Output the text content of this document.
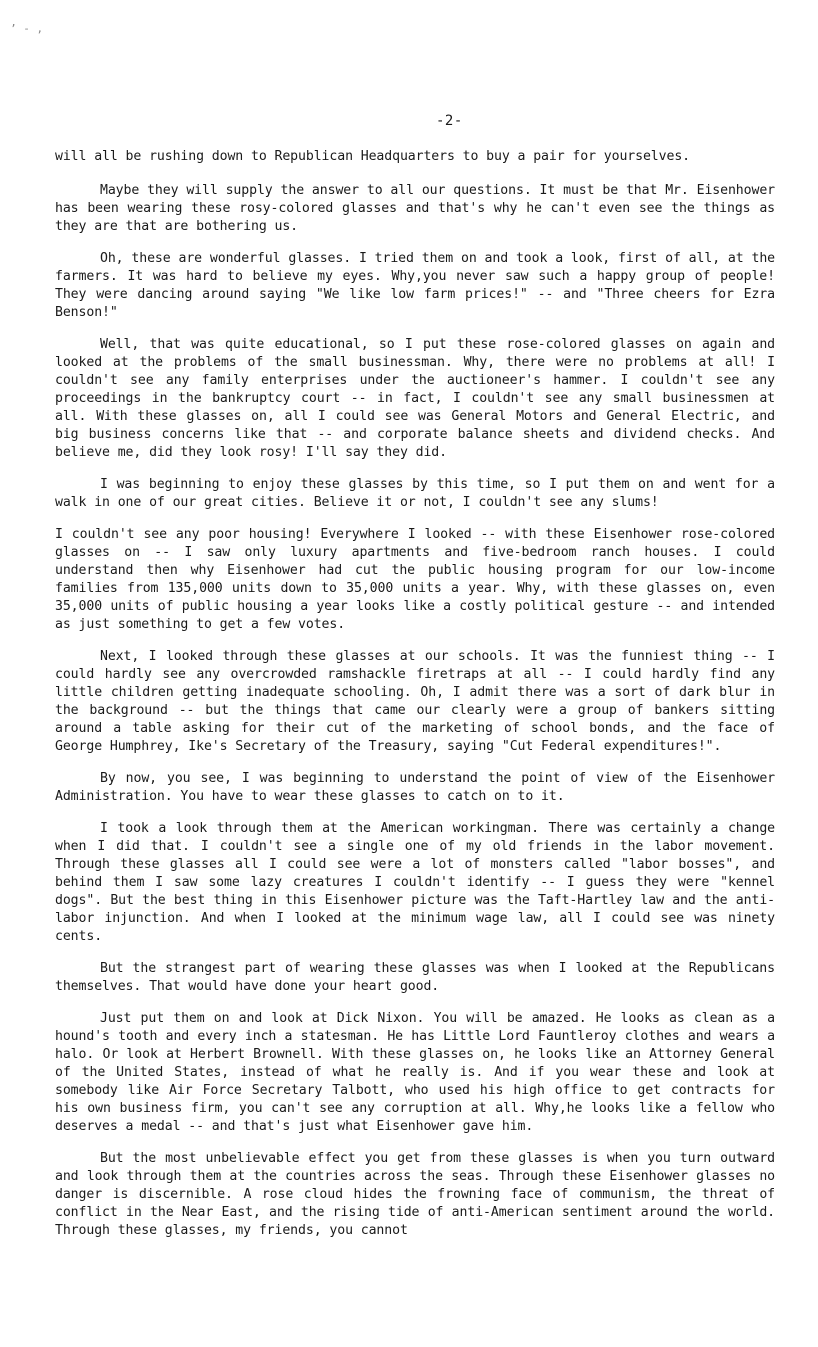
’ - ‚
-2-

will all be rushing down to Republican Headquarters to buy a pair for yourselves.

Maybe they will supply the answer to all our questions. It must be that Mr. Eisenhower has been wearing these rosy-colored glasses and that's why he can't even see the things as they are that are bothering us.

Oh, these are wonderful glasses. I tried them on and took a look, first of all, at the farmers. It was hard to believe my eyes. Why,you never saw such a happy group of people! They were dancing around saying "We like low farm prices!" -- and "Three cheers for Ezra Benson!"

Well, that was quite educational, so I put these rose-colored glasses on again and looked at the problems of the small businessman. Why, there were no problems at all! I couldn't see any family enterprises under the auctioneer's hammer. I couldn't see any proceedings in the bankruptcy court -- in fact, I couldn't see any small businessmen at all. With these glasses on, all I could see was General Motors and General Electric, and big business concerns like that -- and corporate balance sheets and dividend checks. And believe me, did they look rosy! I'll say they did.

I was beginning to enjoy these glasses by this time, so I put them on and went for a walk in one of our great cities. Believe it or not, I couldn't see any slums!

I couldn't see any poor housing! Everywhere I looked -- with these Eisenhower rose-colored glasses on -- I saw only luxury apartments and five-bedroom ranch houses. I could understand then why Eisenhower had cut the public housing program for our low-income families from 135,000 units down to 35,000 units a year. Why, with these glasses on, even 35,000 units of public housing a year looks like a costly political gesture -- and intended as just something to get a few votes.

Next, I looked through these glasses at our schools. It was the funniest thing -- I could hardly see any overcrowded ramshackle firetraps at all -- I could hardly find any little children getting inadequate schooling. Oh, I admit there was a sort of dark blur in the background -- but the things that came our clearly were a group of bankers sitting around a table asking for their cut of the marketing of school bonds, and the face of George Humphrey, Ike's Secretary of the Treasury, saying "Cut Federal expenditures!".

By now, you see, I was beginning to understand the point of view of the Eisenhower Administration. You have to wear these glasses to catch on to it.

I took a look through them at the American workingman. There was certainly a change when I did that. I couldn't see a single one of my old friends in the labor movement. Through these glasses all I could see were a lot of monsters called "labor bosses", and behind them I saw some lazy creatures I couldn't identify -- I guess they were "kennel dogs". But the best thing in this Eisenhower picture was the Taft-Hartley law and the anti-labor injunction. And when I looked at the minimum wage law, all I could see was ninety cents.

But the strangest part of wearing these glasses was when I looked at the Republicans themselves. That would have done your heart good.

Just put them on and look at Dick Nixon. You will be amazed. He looks as clean as a hound's tooth and every inch a statesman. He has Little Lord Fauntleroy clothes and wears a halo. Or look at Herbert Brownell. With these glasses on, he looks like an Attorney General of the United States, instead of what he really is. And if you wear these and look at somebody like Air Force Secretary Talbott, who used his high office to get contracts for his own business firm, you can't see any corruption at all. Why,he looks like a fellow who deserves a medal -- and that's just what Eisenhower gave him.

But the most unbelievable effect you get from these glasses is when you turn outward and look through them at the countries across the seas. Through these Eisenhower glasses no danger is discernible. A rose cloud hides the frowning face of communism, the threat of conflict in the Near East, and the rising tide of anti-American sentiment around the world. Through these glasses, my friends, you cannot
